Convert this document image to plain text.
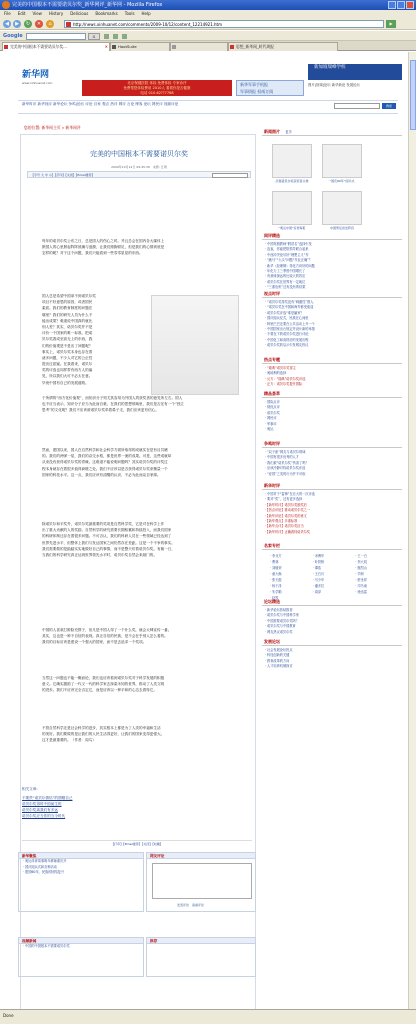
完美的中国根本不需要诺贝尔奖_新华网评_新华网 - Mozilla Firefox
File Edit View History Delicious Bookmarks Tools Help
◀	▶	↻	✕	⌂	http://news.xinhuanet.com/comments/2009-10/12/content_12214921.htm	▶
Google	G
完美的中国根本不需要诺贝尔奖...	✕	HootSuite	思想_新华网_时代周报
新华网
www.xinhuanet.com	北京保健医院 体检 免费体检 专家诊疗
免费帮您体检费用 2010人 看看你是否健康
电话 010-62??7768
新华军事手机报
军事情报 权威订阅
新加坡瑞峰学校
图片|视频|论坛 新华新论 发展论坛
新华时评 新华视评 新华论坛 争鸣|论坛 评论 百家 观点 热评 网评 言论 博客 论坛 网民评 视频评论	搜索
您的位置: 新华网主页 » 新华网评
完美的中国根本不需要诺贝尔奖
2009年10月12日 09:45:36　来源: 红网
【字号 大 中 小】【打印】【关闭】【Email推荐】
每年的诺贝尔奖公布之日，总是国人的伤心之时。并且总会在国内各大媒体上
掀国人的心里掀起阵阵波澜与涟漪，让我们捶胸顿足，但是我们的心情到底是
怎样的呢？对于这个问题，我们只能看到一些零零星星的东西。
国人总是希望中国拿不到诺贝尔奖
项目不好意思的原因，或者国民
素质。我们的教育制度的问题在
哪里？我们的研究人员为什么不
能出成果？难道说中国真的就比
别人差？其实，诺贝尔奖并不是
评价一个国家的唯一标准。把诺
贝尔奖看成至高无上的东西，我
们的价值观是不是出了问题呢？
事实上，诺贝尔奖本身也存在着
诸多问题，不少人对它的公正性
提出过质疑。在我看来，诺贝尔
奖的评选也同样带有西方人的偏
见，所以我们大可不必太在意。
毕竟中国有自己的发展道路。
于所谓的“西方化价值观”，而知识分子则尤其容易为外国人的获奖者的意见所左右。国人
也不应当表示，知识分子应当为此而自豪。在我们的思想领域里，我们是否还有一个“独立
思考”的文化呢？我们不应该被诺贝尔奖牵着鼻子走，我们应该更有信心。
然而，建国以来，国人在自然科学和社会科学方面所取得的成就实在是有目共睹
的。我们的两弹一星，我们的杂交水稻，都是世界一流的成果。可是，这些成就却
从来没有获得诺贝尔奖的青睐。这难道不能说明问题吗？其实诺贝尔奖的评奖过
程本身就存在着很多值得商榷之处。我们不应该以是否获得诺贝尔奖来衡量一个
国家的科技水平。这一点，我们应该有清醒的认识，不必为此而妄自菲薄。
除诺贝尔和平奖外，诺贝尔奖最重要的奖项是自然科学奖，它是对在科学上作
出了重大贡献的人的奖励。自然科学的研究需要长期积累和持续投入，而我们国家
的科研体制还存在着很多问题。不可否认，我们的科研人员在一些领域已经达到了
世界先进水平，但整体上我们与发达国家之间仍然存在差距。这是一个不争的事实。
我们需要做的是踏踏实实地做好自己的事情，而不是整天盯着诺贝尔奖。有朝一日，
当我们的科学研究真正达到世界领先水平时，诺贝尔奖自然会来敲门的。
中国的人喜欢打肿脸充胖子，但凡是中国人得了一个什么奖，就会大肆宣传一番。
其实，这也是一种不自信的表现。真正自信的民族，是不会在乎别人怎么看的。
我们的目标应该是建设一个强大的国家，而不是去追求一个奖项。
当然这一问题也不能一概而论，我们也应该看到诺贝尔奖对于科学发展的积极
意义。它确实激励了一代又一代的科学家去探索未知的世界，推动了人类文明
的进步。我们不应该完全否定它，而是应该以一种平和的心态去看待它。
不管自然科学还是社会科学的进步，其实根本上都是为了人类的幸福和生活
的美好。我们要做的是让我们的人民生活得更好，让我们的国家变得更强大。
这才是最重要的。（作者：周鸟）
相关文章:
不要羡“诺贝尔情结”的馈赠自己
诺贝尔奖得时中国诞生的
诺贝尔奖离我们有多远
诺贝尔奖应当你的当今时代
【打印】【Email推荐】【关闭】【收藏】
新华聚焦
· 奥运体育赛事明年移师重庆开
· 国庆阅兵式和各种活动
· 建国60年，民族的团结复兴
网友评论
发表评论　查看评论
视频新闻
· 中国的中国根本不需要诺贝尔奖
推荐
新闻图片 更多
历届诺贝尔奖获奖者头像	“国庆60年”阅兵式
“奥运中国”宣传海报	中国男足首发阵容
网评精选
· 中国驾照教师“假冒名”选择引发
· 连雀，你能把院领导联合起来
· 中西冲突论尽好“理想主义”作
· “跑马”“大头”问题“作业正确”？
· 新华（经理制）得化方向好的问题
· 年化力工三季度中国增长了
· 有意味深远的比较大的效应
· 诺贝尔奖在世界有一定地位
· “三重危机”还有没有的结果
视点时评
· “诺贝尔奖得奖没有“刺激性”感人
· “诺贝尔奖在中国和海外都受欢迎
· 诺贝尔奖评选“谁是赢家？
· 国庆阅兵仪式，民族在心间里
· 阿里巴巴还要在公共活动上开一个
· 中国国家出台规定并设计新的举措
· 不要在下的诺贝尔奖进行评论
· 中国化工和高铁后的发展历程
· 诺贝尔奖的启示引发网友热议
热点专题
· “瑞典”诺贝尔奖得主
· 奥地利的选择
· 反方：“瑞典”诺贝尔奖评选
· 正方：诺贝尔奖提升国际
精品荟萃
· 国际点评
· 财经点评
· 诺贝尔奖
· 网民评
· 军事评
· 奥运
争鸣时评
· “双子座”网友与诺贝尔领域
· 中国有很多优秀的人才
· 我们被“诺贝尔奖”伤害了吗？
· 应该冷静对待诺贝尔奖评选
· “爱国”之类的行为并不可取
新华时评
· 中国对于“雷锋”在北大的一次评选
· 要对“奖”，还有更多选择
· 【新华时评】诺贝尔奖颁奖后
· 【热点评论】推动诺贝尔奖之一
· 【新华评论】诺贝尔奖的意义
· 【新华观点】多重标准
· 【新华点评】诺贝尔奖应当
· 【新华时评】正确看待诺贝尔奖
名家专栏
· 李北方	· 米博华	· 王一白
· 曹林	· 叶铁桥	· 李大同
· 刘植荣	· 谭浩	· 鄢烈山
· 童大焕	· 王石川	· 毕舸
· 张天蔚	· 马少华	· 舒圣祥
· 杨于泽	· 潘多拉	· 司马南
· 朱学勤	· 周泽	· 徐迅雷
· 赵牧
论坛精选
· 新华论坛热帖推荐
· 诺贝尔奖与中国科学家
· 中国需要诺贝尔奖吗？
· 诺贝尔奖与中国教育
· 网友热议诺贝尔奖
发展论坛
· 社会发展论坛热点
· 科技创新的关键
· 教育改革的方向
· 人才培养机制探讨
Done
